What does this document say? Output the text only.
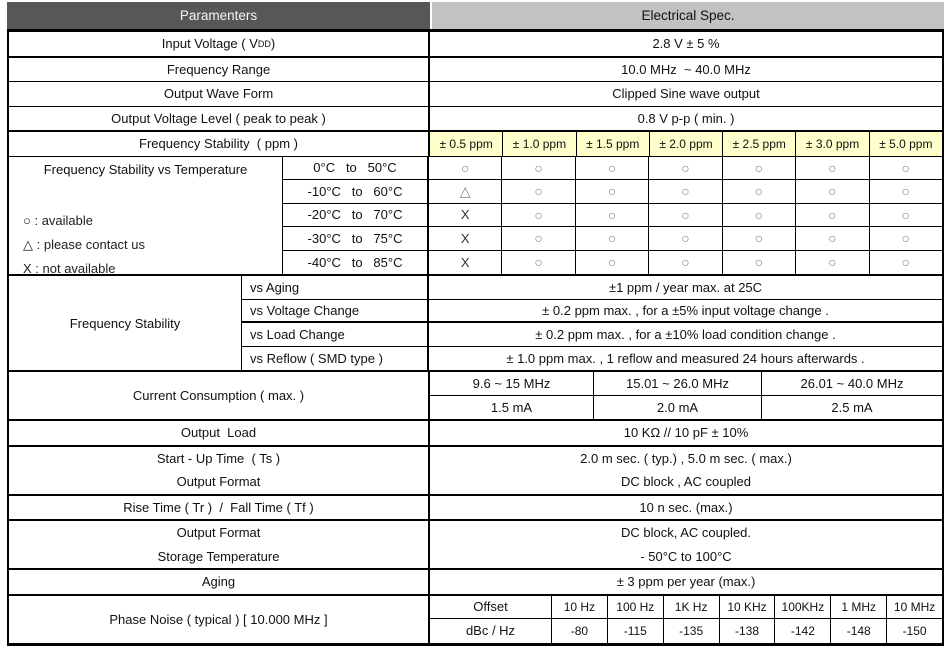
Paramenters	Electrical Spec.
Input Voltage ( V DD )	2.8 V ± 5 %
Frequency Range	10.0 MHz  ~ 40.0 MHz
Output Wave Form	Clipped Sine wave output
Output Voltage Level ( peak to peak )	0.8 V p-p ( min. )
Frequency Stability  ( ppm )	± 0.5 ppm ± 1.0 ppm ± 1.5 ppm ± 2.0 ppm ± 2.5 ppm ± 3.0 ppm ± 5.0 ppm
Frequency Stability vs Temperature
○ : available
△ : please contact us
X : not available
0°C   to   50°C	○	○	○	○	○	○	○
-10°C   to   60°C	△	○	○	○	○	○	○
-20°C   to   70°C	X	○	○	○	○	○	○
-30°C   to   75°C	X	○	○	○	○	○	○
-40°C   to   85°C	X	○	○	○	○	○	○
Frequency Stability
vs Aging	±1 ppm / year max. at 25C
vs Voltage Change	± 0.2 ppm max. , for a ±5% input voltage change .
vs Load Change	± 0.2 ppm max. , for a ±10% load condition change .
vs Reflow ( SMD type )	± 1.0 ppm max. , 1 reflow and measured 24 hours afterwards .
Current Consumption ( max. )
9.6 ~ 15 MHz	15.01 ~ 26.0 MHz	26.01 ~ 40.0 MHz
1.5 mA	2.0 mA	2.5 mA
Output  Load	10 KΩ // 10 pF ± 10%
Start - Up Time  ( Ts )	2.0 m sec. ( typ.) , 5.0 m sec. ( max.)
Output Format	DC block , AC coupled
Rise Time ( Tr )  /  Fall Time ( Tf )	10 n sec. (max.)
Output Format	DC block, AC coupled.
Storage Temperature	- 50°C to 100°C
Aging	± 3 ppm per year (max.)
Phase Noise ( typical ) [ 10.000 MHz ]
Offset	10 Hz 100 Hz 1K Hz 10 KHz 100KHz 1 MHz 10 MHz
dBc / Hz	-80	-115	-135	-138	-142	-148	-150
